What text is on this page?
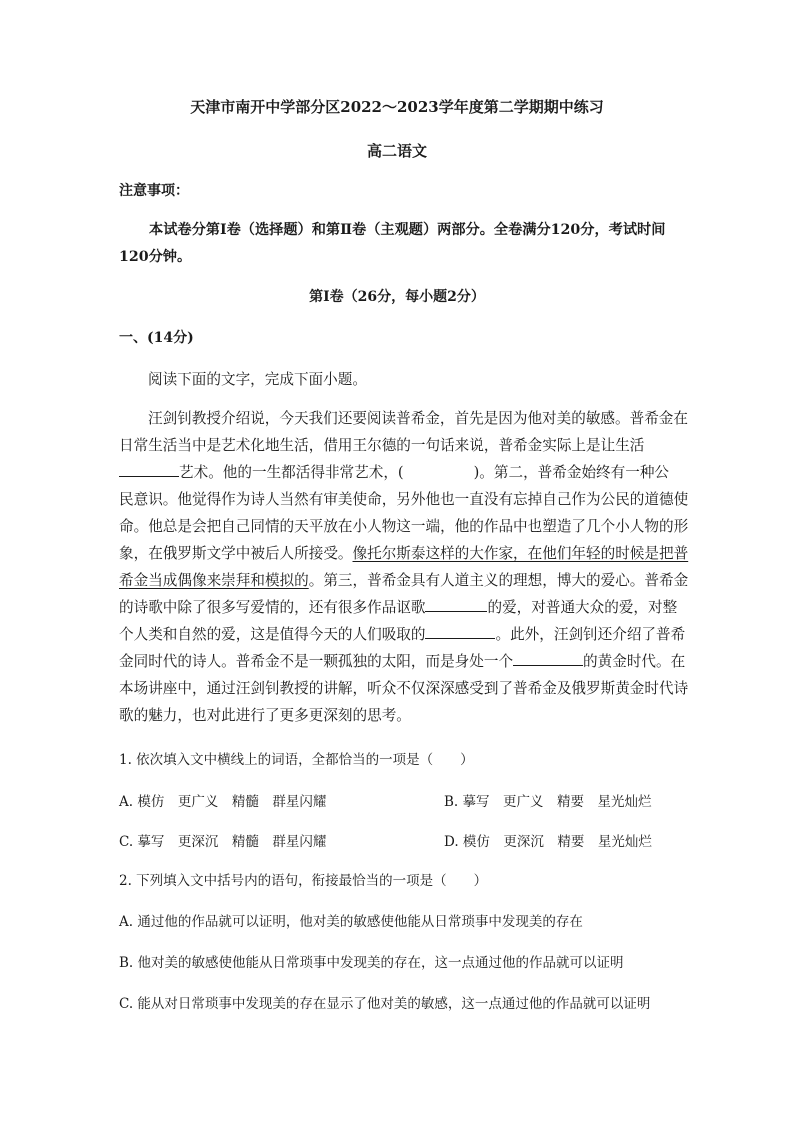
天津市南开中学部分区2022～2023学年度第二学期期中练习
高二语文
注意事项：
本试卷分第Ⅰ卷（选择题）和第Ⅱ卷（主观题）两部分。全卷满分120分，考试时间
120分钟。
第Ⅰ卷（26分，每小题2分）
一、(14分)
阅读下面的文字，完成下面小题。
汪剑钊教授介绍说，今天我们还要阅读普希金，首先是因为他对美的敏感。普希金在
日常生活当中是艺术化地生活，借用王尔德的一句话来说，普希金实际上是让生活
艺术。他的一生都活得非常艺术，(	)。第二，普希金始终有一种公
民意识。他觉得作为诗人当然有审美使命，另外他也一直没有忘掉自己作为公民的道德使
命。他总是会把自己同情的天平放在小人物这一端，他的作品中也塑造了几个小人物的形
象，在俄罗斯文学中被后人所接受。像托尔斯泰这样的大作家，在他们年轻的时候是把普
希金当成偶像来崇拜和模拟的。第三，普希金具有人道主义的理想，博大的爱心。普希金
的诗歌中除了很多写爱情的，还有很多作品讴歌	的爱，对普通大众的爱，对整
个人类和自然的爱，这是值得今天的人们吸取的	。此外，汪剑钊还介绍了普希
金同时代的诗人。普希金不是一颗孤独的太阳，而是身处一个	的黄金时代。在
本场讲座中，通过汪剑钊教授的讲解，听众不仅深深感受到了普希金及俄罗斯黄金时代诗
歌的魅力，也对此进行了更多更深刻的思考。
1. 依次填入文中横线上的词语，全都恰当的一项是（　　）
A. 模仿　更广义　精髓　群星闪耀	B. 摹写　更广义　精要　星光灿烂
C. 摹写　更深沉　精髓　群星闪耀	D. 模仿　更深沉　精要　星光灿烂
2. 下列填入文中括号内的语句，衔接最恰当的一项是（　　）
A. 通过他的作品就可以证明，他对美的敏感使他能从日常琐事中发现美的存在
B. 他对美的敏感使他能从日常琐事中发现美的存在，这一点通过他的作品就可以证明
C. 能从对日常琐事中发现美的存在显示了他对美的敏感，这一点通过他的作品就可以证明
